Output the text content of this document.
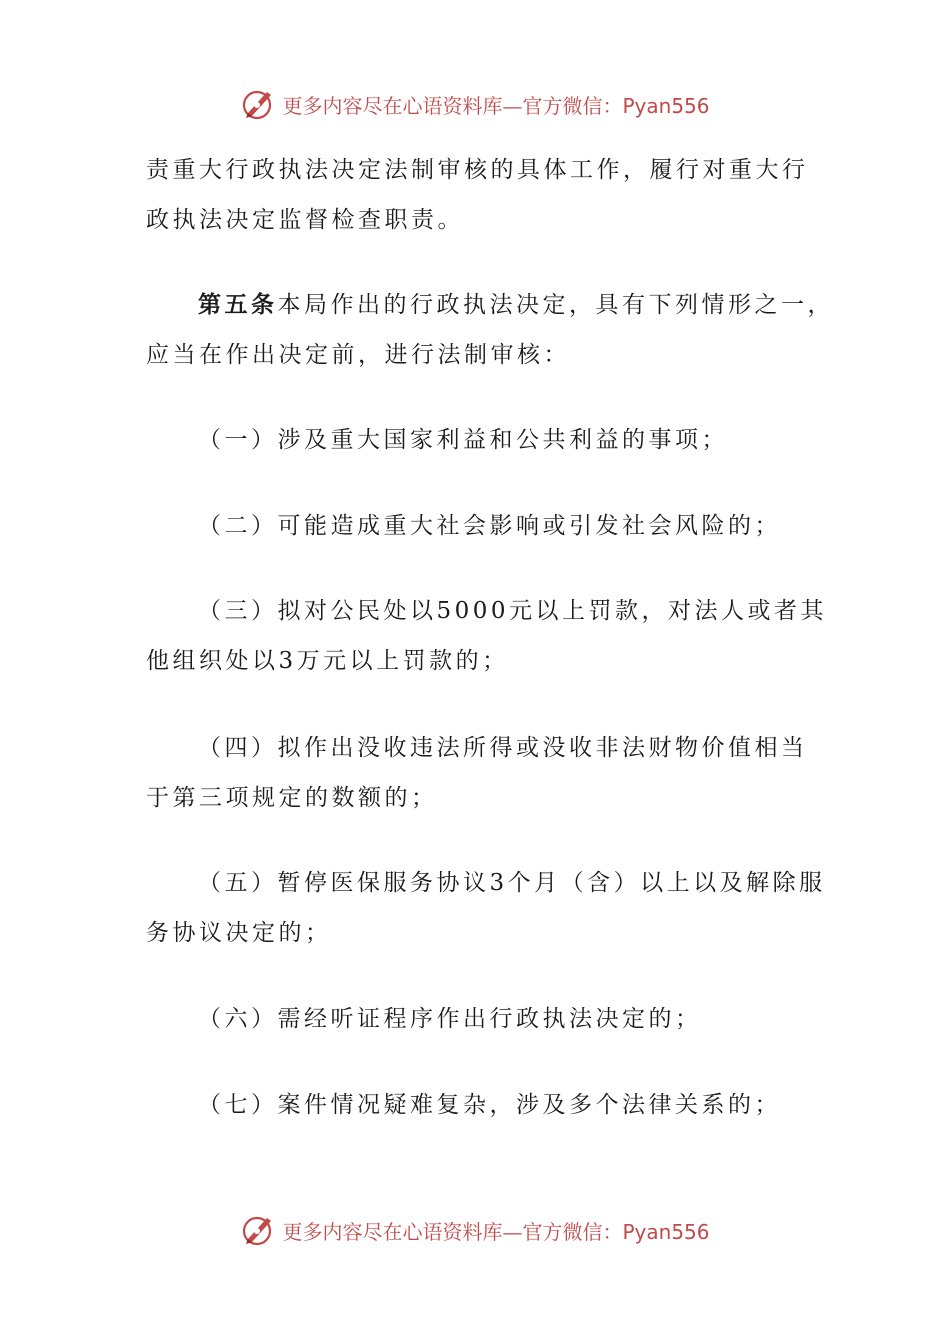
更多内容尽在心语资料库—官方微信：Pyan556
责重大行政执法决定法制审核的具体工作，履行对重大行
政执法决定监督检查职责。
第五条本局作出的行政执法决定，具有下列情形之一，
应当在作出决定前，进行法制审核：
（一）涉及重大国家利益和公共利益的事项；
（二）可能造成重大社会影响或引发社会风险的；
（三）拟对公民处以5000元以上罚款，对法人或者其
他组织处以3万元以上罚款的；
（四）拟作出没收违法所得或没收非法财物价值相当
于第三项规定的数额的；
（五）暂停医保服务协议3个月（含）以上以及解除服
务协议决定的；
（六）需经听证程序作出行政执法决定的；
（七）案件情况疑难复杂，涉及多个法律关系的；
更多内容尽在心语资料库—官方微信：Pyan556
